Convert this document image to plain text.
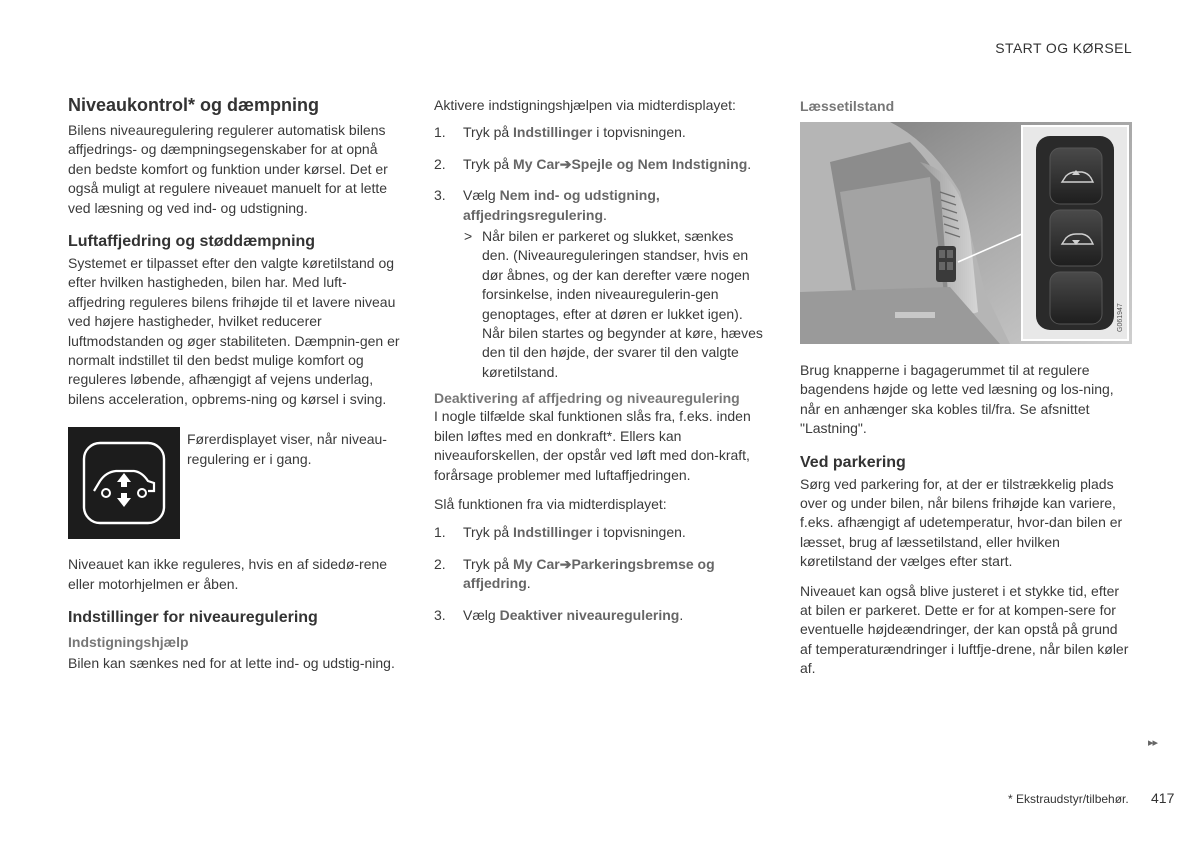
START OG KØRSEL
Niveaukontrol* og dæmpning

Bilens niveauregulering regulerer automatisk bilens affjedrings- og dæmpningsegenskaber for at opnå den bedste komfort og funktion under kørsel. Det er også muligt at regulere niveauet manuelt for at lette ved læsning og ved ind- og udstigning.

Luftaffjedring og støddæmpning

Systemet er tilpasset efter den valgte køretilstand og efter hvilken hastigheden, bilen har. Med luft-affjedring reguleres bilens frihøjde til et lavere niveau ved højere hastigheder, hvilket reducerer luftmodstanden og øger stabiliteten. Dæmpnin-gen er normalt indstillet til den bedst mulige komfort og reguleres løbende, afhængigt af vejens underlag, bilens acceleration, opbrems-ning og kørsel i sving.

Førerdisplayet viser, når niveau-regulering er i gang.

Niveauet kan ikke reguleres, hvis en af sidedø-rene eller motorhjelmen er åben.

Indstillinger for niveauregulering
Indstigningshjælp

Bilen kan sænkes ned for at lette ind- og udstig-ning.

Aktivere indstigningshjælpen via midterdisplayet:

1. Tryk på Indstillinger i topvisningen.
2. Tryk på My Car➔Spejle og Nem Indstigning.
3. Vælg Nem ind- og udstigning, affjedringsregulering.
> Når bilen er parkeret og slukket, sænkes den. (Niveaureguleringen standser, hvis en dør åbnes, og der kan derefter være nogen forsinkelse, inden niveauregulerin-gen genoptages, efter at døren er lukket igen). Når bilen startes og begynder at køre, hæves den til den højde, der svarer til den valgte køretilstand.

Deaktivering af affjedring og niveauregulering

I nogle tilfælde skal funktionen slås fra, f.eks. inden bilen løftes med en donkraft*. Ellers kan niveauforskellen, der opstår ved løft med don-kraft, forårsage problemer med luftaffjedringen.

Slå funktionen fra via midterdisplayet:

1. Tryk på Indstillinger i topvisningen.
2. Tryk på My Car➔Parkeringsbremse og affjedring.
3. Vælg Deaktiver niveauregulering.
Læssetilstand
G061947

Brug knapperne i bagagerummet til at regulere bagendens højde og lette ved læsning og los-ning, når en anhænger ska kobles til/fra. Se afsnittet "Lastning".

Ved parkering

Sørg ved parkering for, at der er tilstrækkelig plads over og under bilen, når bilens frihøjde kan variere, f.eks. afhængigt af udetemperatur, hvor-dan bilen er læsset, brug af læssetilstand, eller hvilken køretilstand der vælges efter start.

Niveauet kan også blive justeret i et stykke tid, efter at bilen er parkeret. Dette er for at kompen-sere for eventuelle højdeændringer, der kan opstå på grund af temperaturændringer i luftfje-drene, når bilen køler af.

▸▸
* Ekstraudstyr/tilbehør. 417
